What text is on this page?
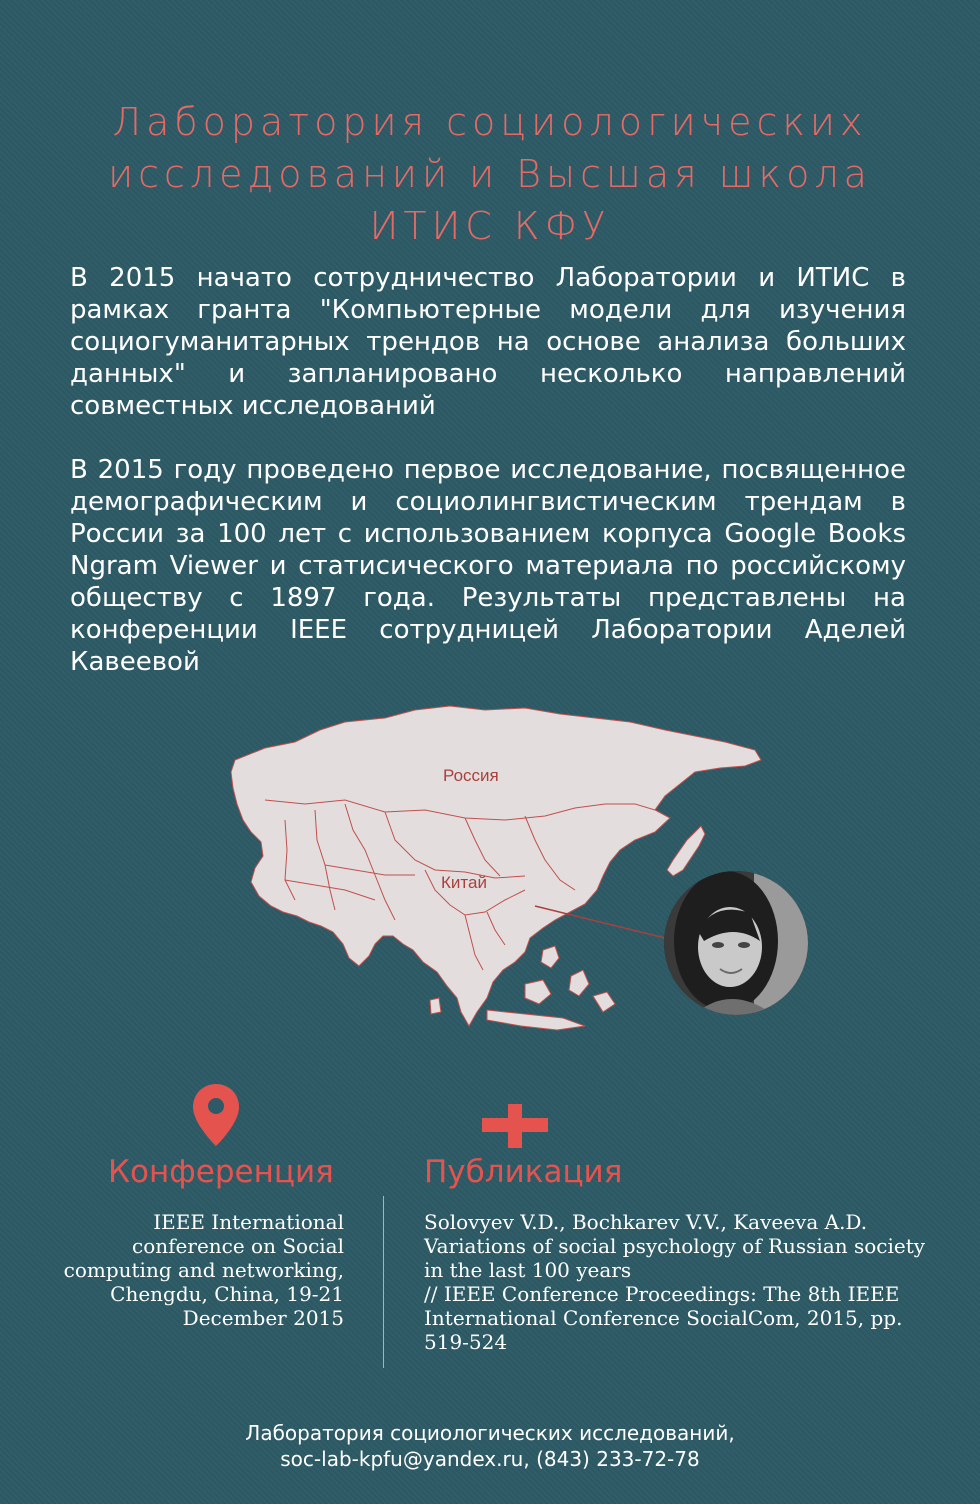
Лаборатория социологических исследований и Высшая школа ИТИС КФУ
В 2015 начато сотрудничество Лаборатории и ИТИС в рамках гранта "Компьютерные модели для изучения социогуманитарных трендов на основе анализа больших данных" и запланировано несколько направлений совместных исследований
В 2015 году проведено первое исследование, посвященное демографическим и социолингвистическим трендам в России за 100 лет с использованием корпуса Google Books Ngram Viewer и статисического материала по российскому обществу с 1897 года. Результаты представлены на конференции IEEE сотрудницей Лаборатории Аделей Кавеевой
Россия
Китай
Конференция
IEEE International conference on Social computing and networking, Chengdu, China, 19-21 December 2015
Публикация
Solovyev V.D., Bochkarev V.V., Kaveeva A.D. Variations of social psychology of Russian society in the last 100 years
// IEEE Conference Proceedings: The 8th IEEE International Conference SocialCom, 2015, pp. 519-524
Лаборатория социологических исследований,
soc-lab-kpfu@yandex.ru, (843) 233-72-78
